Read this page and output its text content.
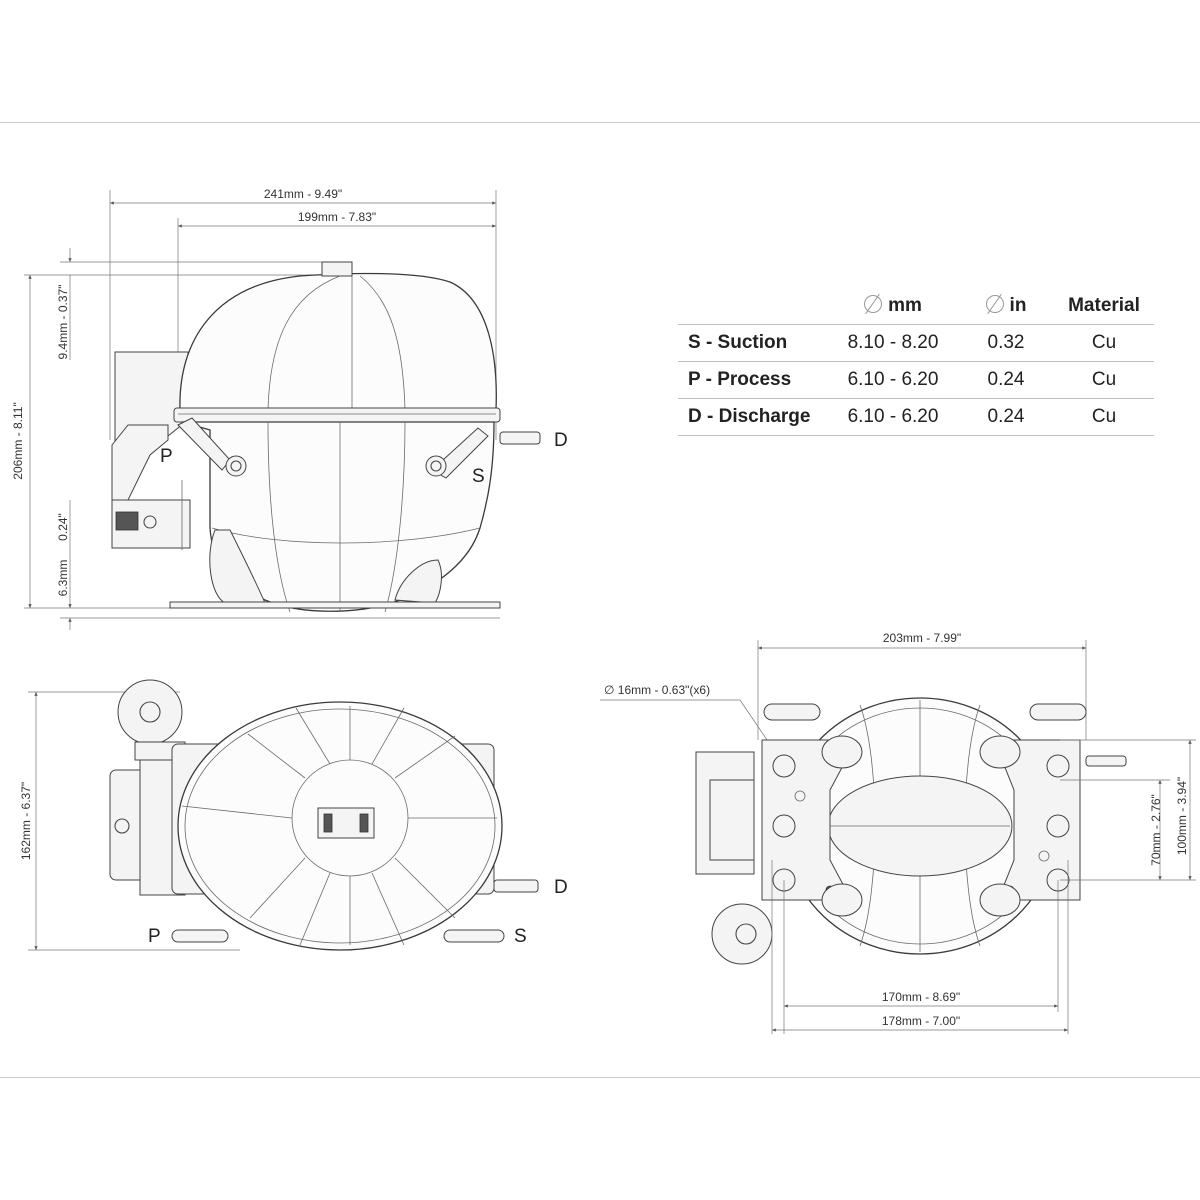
241mm - 9.49"
199mm - 7.83"
206mm - 8.11"
9.4mm - 0.37"
0.24"
6.3mm
P
S
D
162mm - 6.37"
P	S
D
203mm - 7.99"
∅ 16mm - 0.63"(x6)
70mm - 2.76" 100mm - 3.94"
170mm - 8.69"
178mm - 7.00"
	mm	in	Material
S - Suction	8.10 - 8.20	0.32	Cu
P - Process	6.10 - 6.20	0.24	Cu
D - Discharge	6.10 - 6.20	0.24	Cu
